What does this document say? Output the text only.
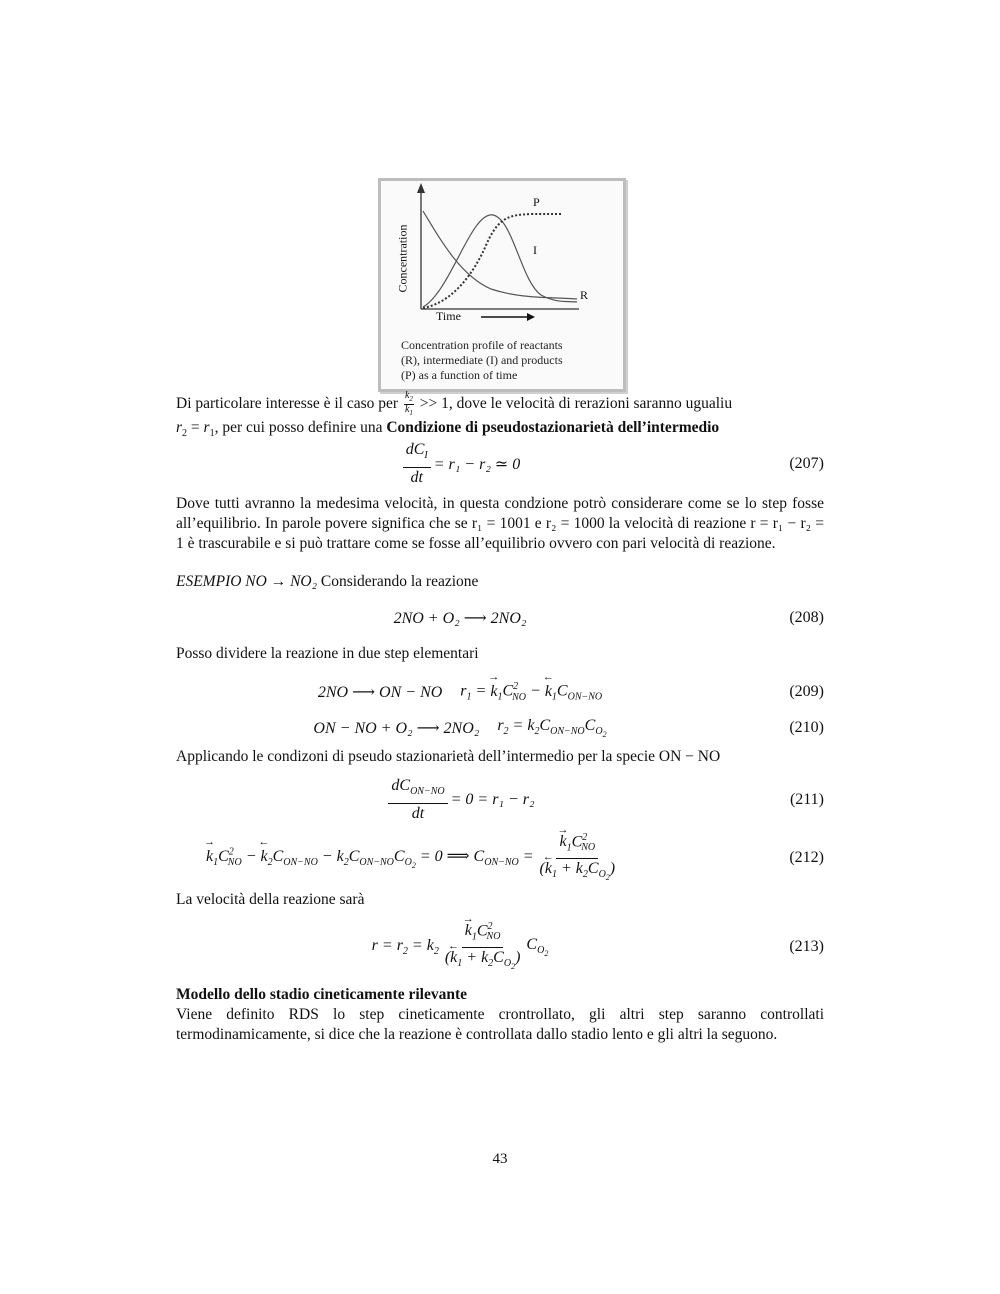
Concentration
Time
P
I
R
Concentration profile of reactants
(R), intermediate (I) and products
(P) as a function of time
Di particolare interesse è il caso per $\frac{k_2}{k_1} >> 1$, dove le velocità di rerazioni saranno ugualiu
$r_2 = r_1$, per cui posso definire una Condizione di pseudostazionarietà dell’intermedio
$\frac{dC_I}{dt} = r_1 - r_2$ ≃ 0	(207)
Dove tutti avranno la medesima velocità, in questa condzione potrò considerare come se lo step fosse all’equilibrio. In parole povere significa che se r₁ = 1001 e r₂ = 1000 la velocità di reazione r = r₁ − r₂ = 1 è trascurabile e si può trattare come se fosse all’equilibrio ovvero con pari velocità di reazione.
ESEMPIO NO → NO₂ Considerando la reazione
2NO + O₂ ⟶ 2NO₂	(208)
Posso dividere la reazione in due step elementari
2NO ⟶ ON − NO $r_1 = k \to_1C^2_{NO} - k$ $\leftarrow_1C_{ON-NO}$	(209)
ON − NO + O₂ ⟶ 2NO₂ $r_2 = k_2C_{ON-NO}C_{O_2}$	(210)
Applicando le condizoni di pseudo stazionarietà dell’intermedio per la specie ON − NO
$\frac{dC_{ON-NO}}{dt} = 0 = r_1 - r_2$	(211)
$k \to_1C^2_{NO} - k$ $\leftarrow_2C_{ON-NO} - k_2C_{ON-NO}C_{O_2} = 0$ ⟹ $C_{ON-NO} = \frac{k \to_1C^2_{NO}}{(k \leftarrow_1 + k_2C_{O_2})}$	(212)
La velocità della reazione sarà
$r = r_2 = k_2 \frac{k \to_1C^2_{NO}}{(k \leftarrow_1 + k_2C_{O_2})} C_{O_2}$	(213)
Modello dello stadio cineticamente rilevante
Viene definito RDS lo step cineticamente crontrollato, gli altri step saranno controllati termodinamicamente, si dice che la reazione è controllata dallo stadio lento e gli altri la seguono.
43
